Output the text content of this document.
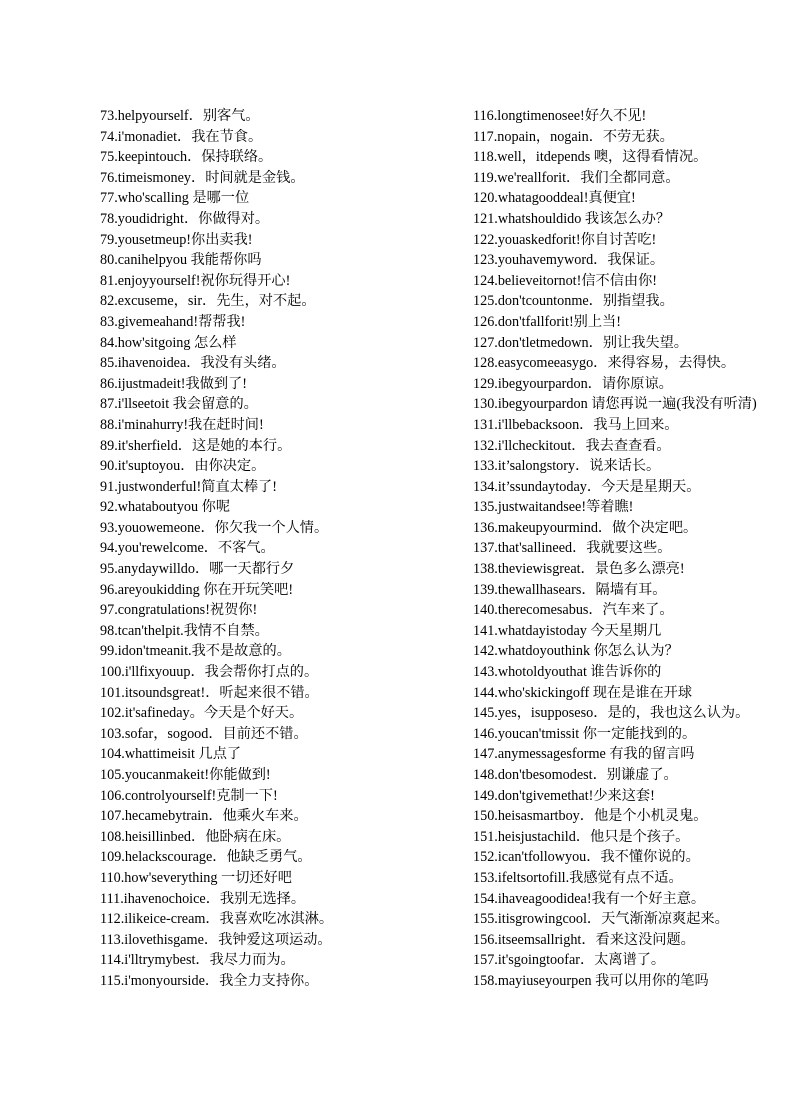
73.helpyourself．别客气。
74.i'monadiet．我在节食。
75.keepintouch．保持联络。
76.timeismoney．时间就是金钱。
77.who'scalling 是哪一位
78.youdidright．你做得对。
79.yousetmeup!你出卖我!
80.canihelpyou 我能帮你吗
81.enjoyyourself!祝你玩得开心!
82.excuseme，sir．先生，对不起。
83.givemeahand!帮帮我!
84.how'sitgoing 怎么样
85.ihavenoidea．我没有头绪。
86.ijustmadeit!我做到了!
87.i'llseetoit 我会留意的。
88.i'minahurry!我在赶时间!
89.it'sherfield．这是她的本行。
90.it'suptoyou．由你决定。
91.justwonderful!简直太棒了!
92.whataboutyou 你呢
93.youowemeone．你欠我一个人情。
94.you'rewelcome．不客气。
95.anydaywilldo．哪一天都行夕
96.areyoukidding 你在开玩笑吧!
97.congratulations!祝贺你!
98.tcan'thelpit.我情不自禁。
99.idon'tmeanit.我不是故意的。
100.i'llfixyouup．我会帮你打点的。
101.itsoundsgreat!．听起来很不错。
102.it'safineday。今天是个好天。
103.sofar，sogood．目前还不错。
104.whattimeisit 几点了
105.youcanmakeit!你能做到!
106.controlyourself!克制一下!
107.hecamebytrain．他乘火车来。
108.heisillinbed．他卧病在床。
109.helackscourage．他缺乏勇气。
110.how'severything 一切还好吧
111.ihavenochoice．我别无选择。
112.ilikeice-cream．我喜欢吃冰淇淋。
113.ilovethisgame．我钟爱这项运动。
114.i'lltrymybest．我尽力而为。
115.i'monyourside．我全力支持你。
116.longtimenosee!好久不见!
117.nopain，nogain．不劳无获。
118.well，itdepends 噢，这得看情况。
119.we'reallforit．我们全都同意。
120.whatagooddeal!真便宜!
121.whatshouldido 我该怎么办？
122.youaskedforit!你自讨苦吃!
123.youhavemyword．我保证。
124.believeitornot!信不信由你!
125.don'tcountonme．别指望我。
126.don'tfallforit!别上当!
127.don'tletmedown．别让我失望。
128.easycomeeasygo．来得容易，去得快。
129.ibegyourpardon．请你原谅。
130.ibegyourpardon 请您再说一遍(我没有听清)
131.i'llbebacksoon．我马上回来。
132.i'llcheckitout．我去查查看。
133.it’salongstory．说来话长。
134.it’ssundaytoday．今天是星期天。
135.justwaitandsee!等着瞧!
136.makeupyourmind．做个决定吧。
137.that'sallineed．我就要这些。
138.theviewisgreat．景色多么漂亮!
139.thewallhasears．隔墙有耳。
140.therecomesabus．汽车来了。
141.whatdayistoday 今天星期几
142.whatdoyouthink 你怎么认为？
143.whotoldyouthat 谁告诉你的
144.who'skickingoff 现在是谁在开球
145.yes，isupposeso．是的，我也这么认为。
146.youcan'tmissit 你一定能找到的。
147.anymessagesforme 有我的留言吗
148.don'tbesomodest．别谦虚了。
149.don'tgivemethat!少来这套!
150.heisasmartboy．他是个小机灵鬼。
151.heisjustachild．他只是个孩子。
152.ican'tfollowyou．我不懂你说的。
153.ifeltsortofill.我感觉有点不适。
154.ihaveagoodidea!我有一个好主意。
155.itisgrowingcool．天气渐渐凉爽起来。
156.itseemsallright．看来这没问题。
157.it'sgoingtoofar．太离谱了。
158.mayiuseyourpen 我可以用你的笔吗
